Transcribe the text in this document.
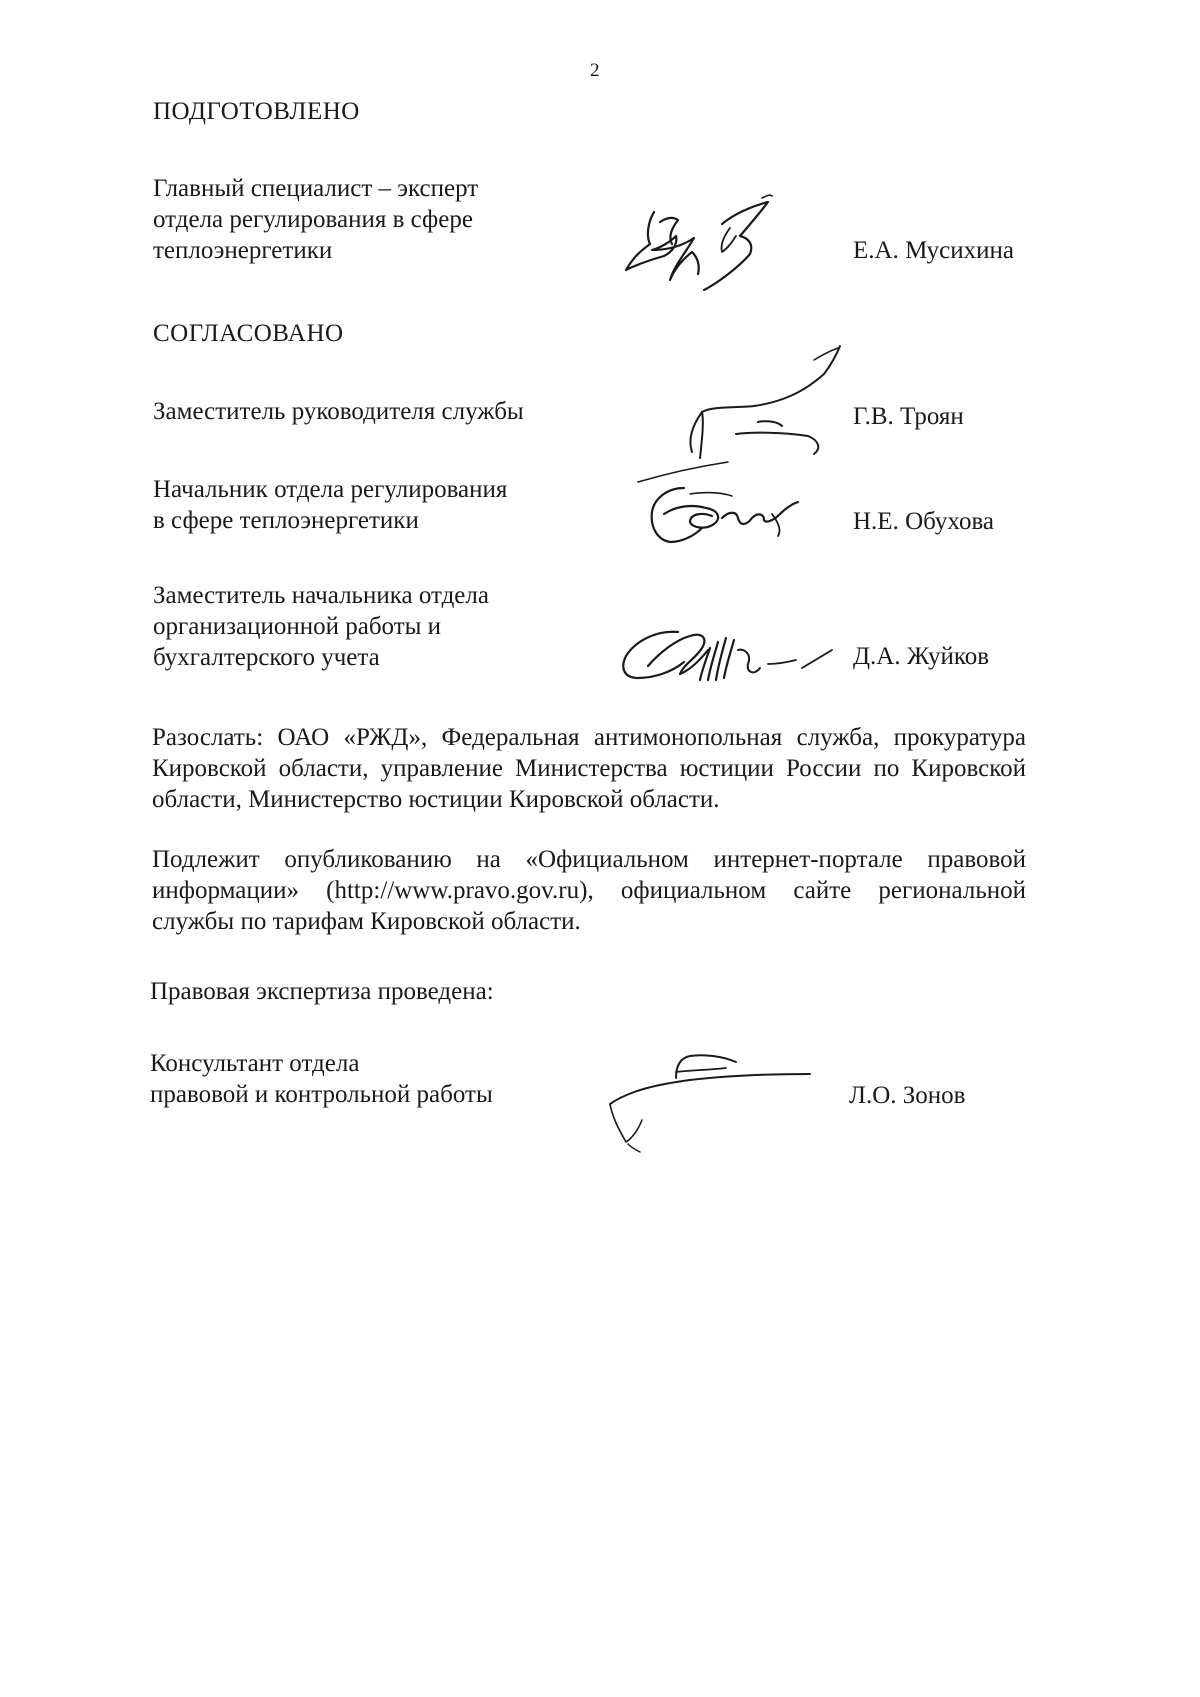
2
ПОДГОТОВЛЕНО
Главный специалист – эксперт
отдела регулирования в сфере
теплоэнергетики	Е.А. Мусихина
СОГЛАСОВАНО
Заместитель руководителя службы	Г.В. Троян
Начальник отдела регулирования
в сфере теплоэнергетики	Н.Е. Обухова
Заместитель начальника отдела
организационной работы и
бухгалтерского учета	Д.А. Жуйков
Разослать: ОАО «РЖД», Федеральная антимонопольная служба, прокуратура Кировской области, управление Министерства юстиции России по Кировской области, Министерство юстиции Кировской области.
Подлежит опубликованию на «Официальном интернет-портале правовой информации» (http://www.pravo.gov.ru), официальном сайте региональной службы по тарифам Кировской области.
Правовая экспертиза проведена:
Консультант отдела
правовой и контрольной работы	Л.О. Зонов
